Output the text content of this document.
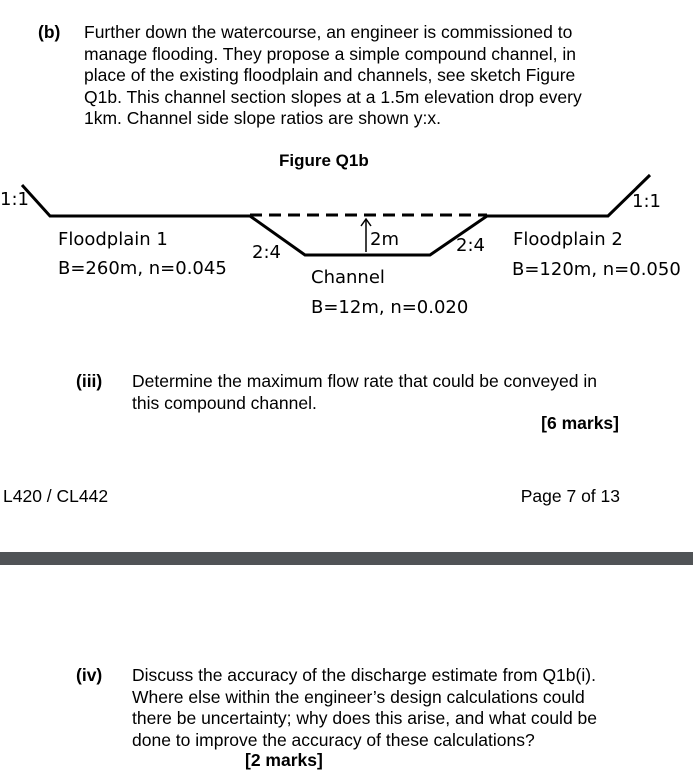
(b) Further down the watercourse, an engineer is commissioned to
manage flooding. They propose a simple compound channel, in
place of the existing floodplain and channels, see sketch Figure
Q1b. This channel section slopes at a 1.5m elevation drop every
1km. Channel side slope ratios are shown y:x.
Figure Q1b
1:1	1:1
2:4	2:4
2m
Floodplain 1
B=260m, n=0.045
Floodplain 2
B=120m, n=0.050
Channel
B=12m, n=0.020
(iii) Determine the maximum flow rate that could be conveyed in
this compound channel.
[6 marks]
L420 / CL442	Page 7 of 13
(iv) Discuss the accuracy of the discharge estimate from Q1b(i).
Where else within the engineer’s design calculations could
there be uncertainty; why does this arise, and what could be
done to improve the accuracy of these calculations?
[2 marks]
